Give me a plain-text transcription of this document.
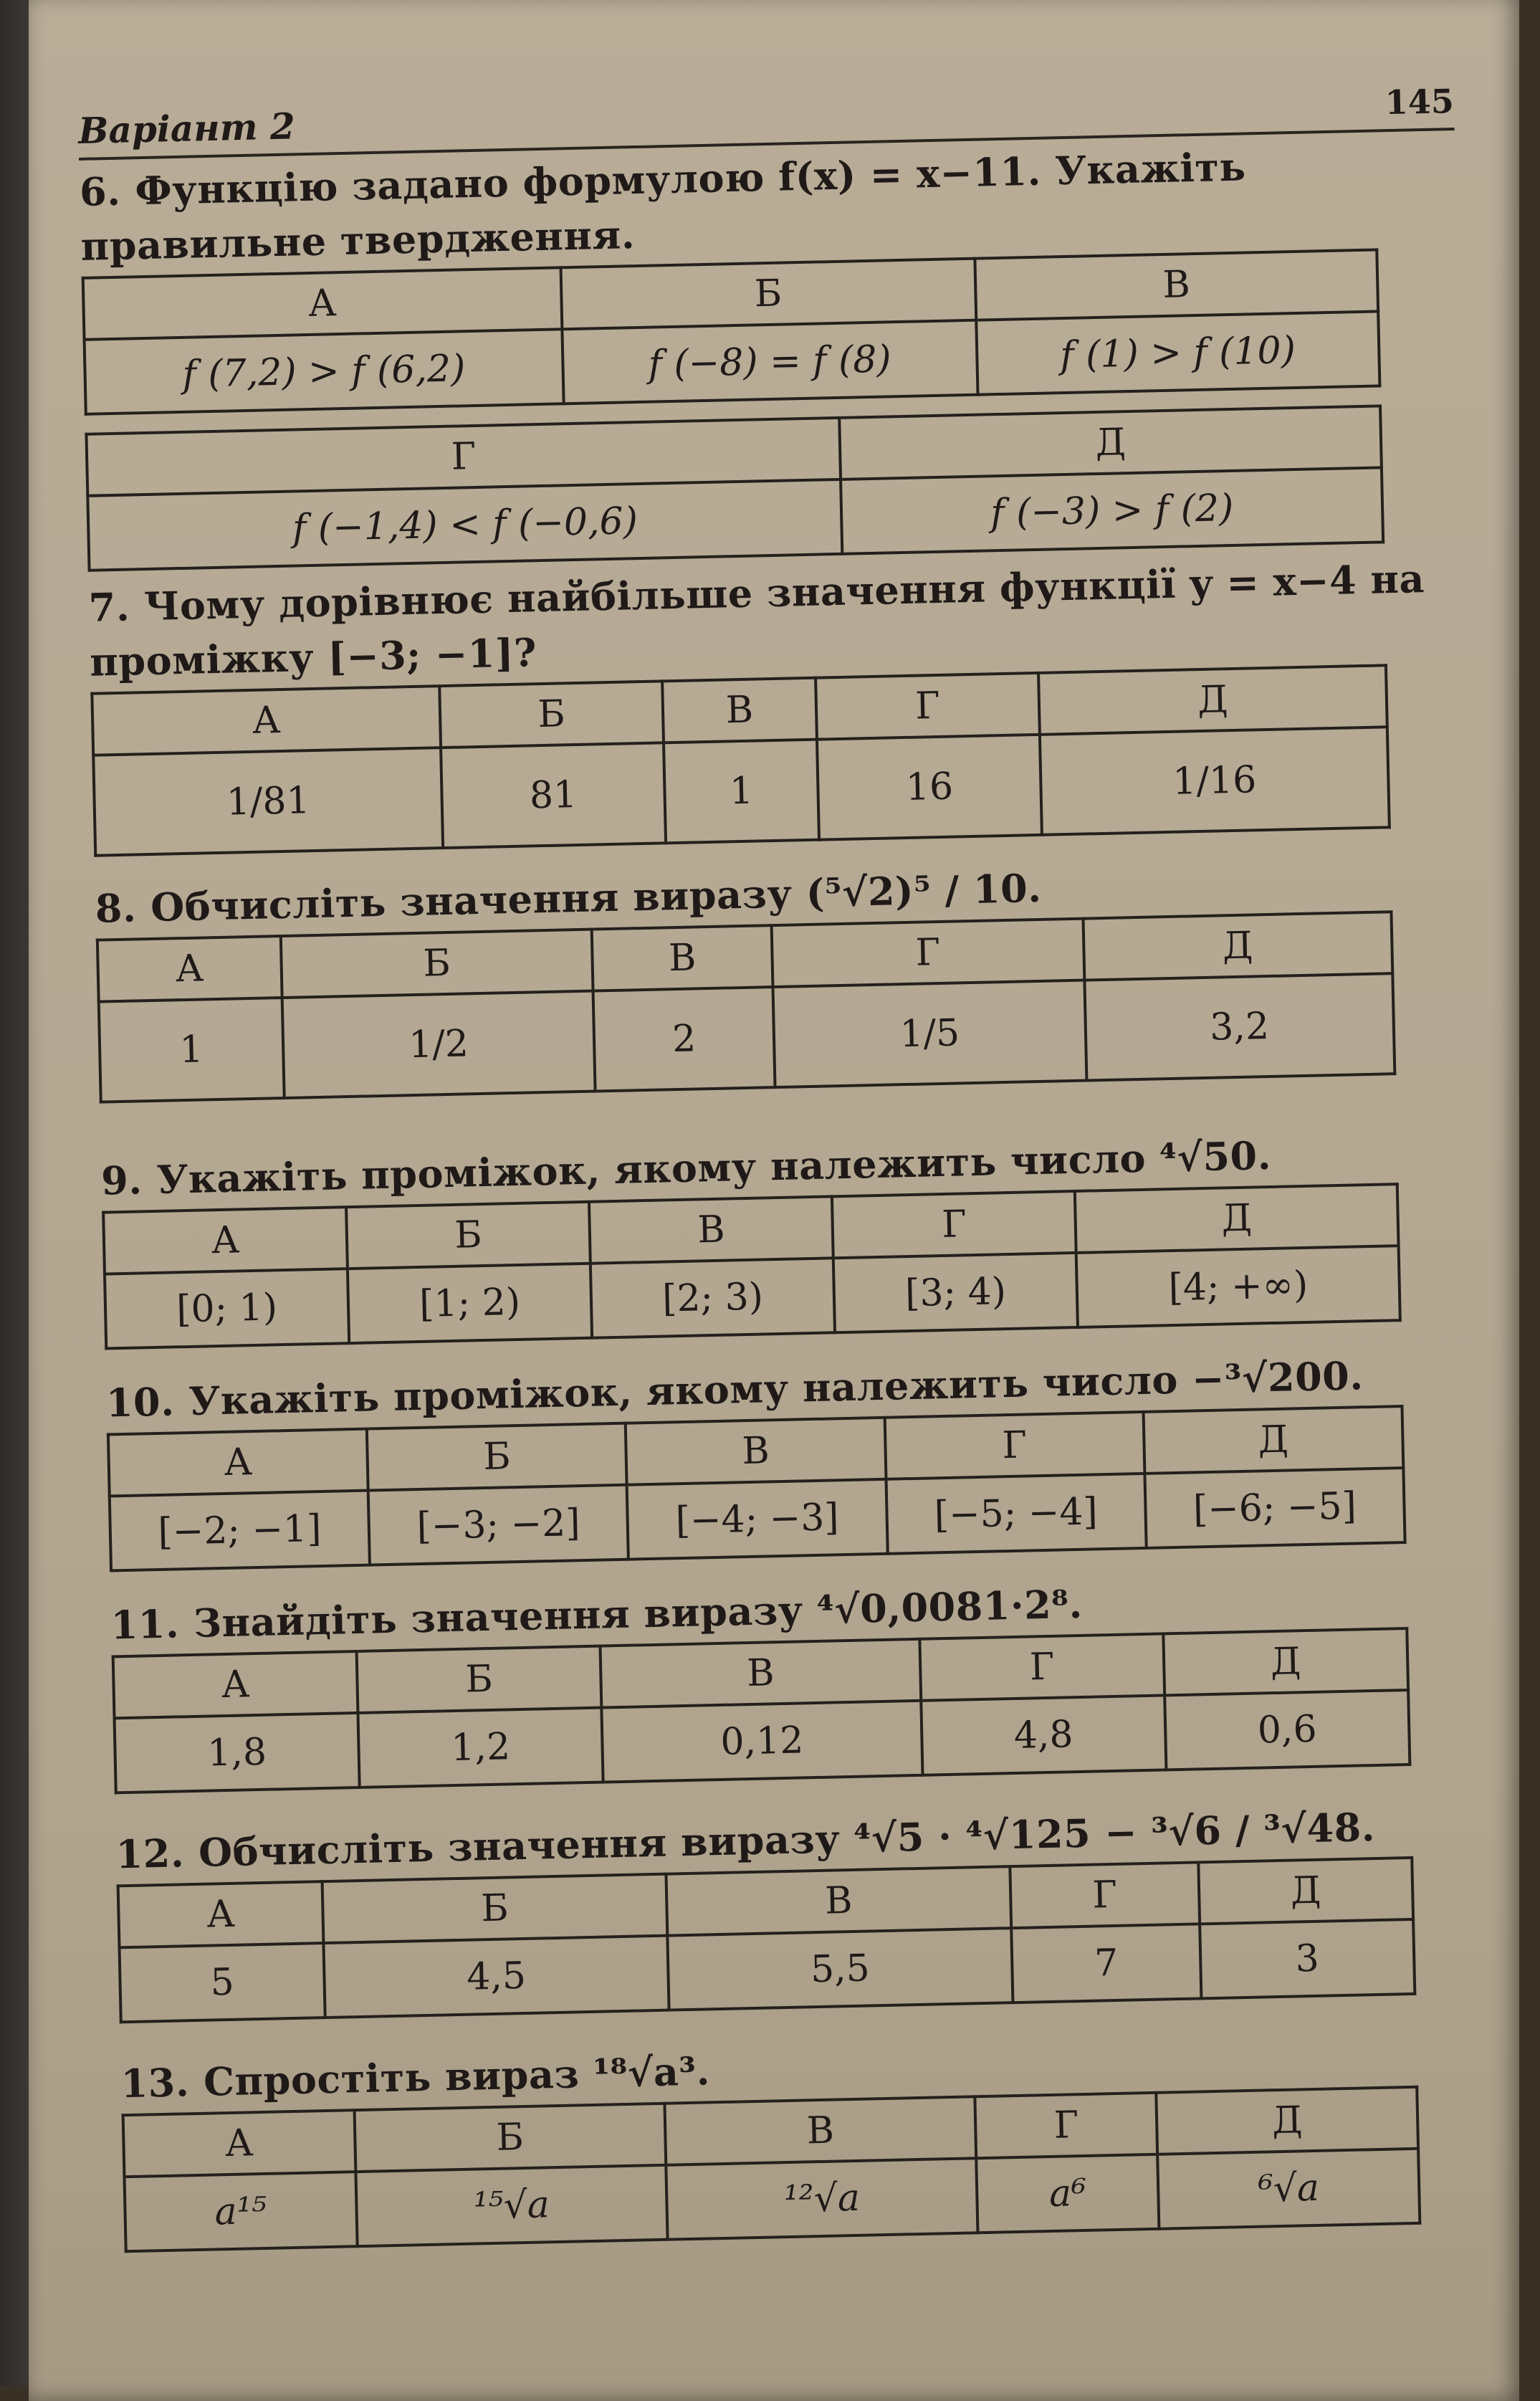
Варіант 2
145
6. Функцію задано формулою f(x) = x−11. Укажіть правильне твердження.
А	Б	В
f (7,2) > f (6,2)	f (−8) = f (8)	f (1) > f (10)
Г	Д
f (−1,4) < f (−0,6)	f (−3) > f (2)
7. Чому дорівнює найбільше значення функції y = x−4 на проміжку [−3; −1]?
А	Б	В	Г	Д
1/81	81	1	16	1/16
8. Обчисліть значення виразу (⁵√2)⁵ / 10.
А	Б	В	Г	Д
1	1/2	2	1/5	3,2
9. Укажіть проміжок, якому належить число ⁴√50.
А	Б	В	Г	Д
[0; 1)	[1; 2)	[2; 3)	[3; 4)	[4; +∞)
10. Укажіть проміжок, якому належить число −³√200.
А	Б	В	Г	Д
[−2; −1]	[−3; −2]	[−4; −3]	[−5; −4]	[−6; −5]
11. Знайдіть значення виразу ⁴√0,0081·2⁸.
А	Б	В	Г	Д
1,8	1,2	0,12	4,8	0,6
12. Обчисліть значення виразу ⁴√5 · ⁴√125 − ³√6 / ³√48.
А	Б	В	Г	Д
5	4,5	5,5	7	3
13. Спростіть вираз ¹⁸√a³.
А	Б	В	Г	Д
a¹⁵	¹⁵√a	¹²√a	a⁶	⁶√a
